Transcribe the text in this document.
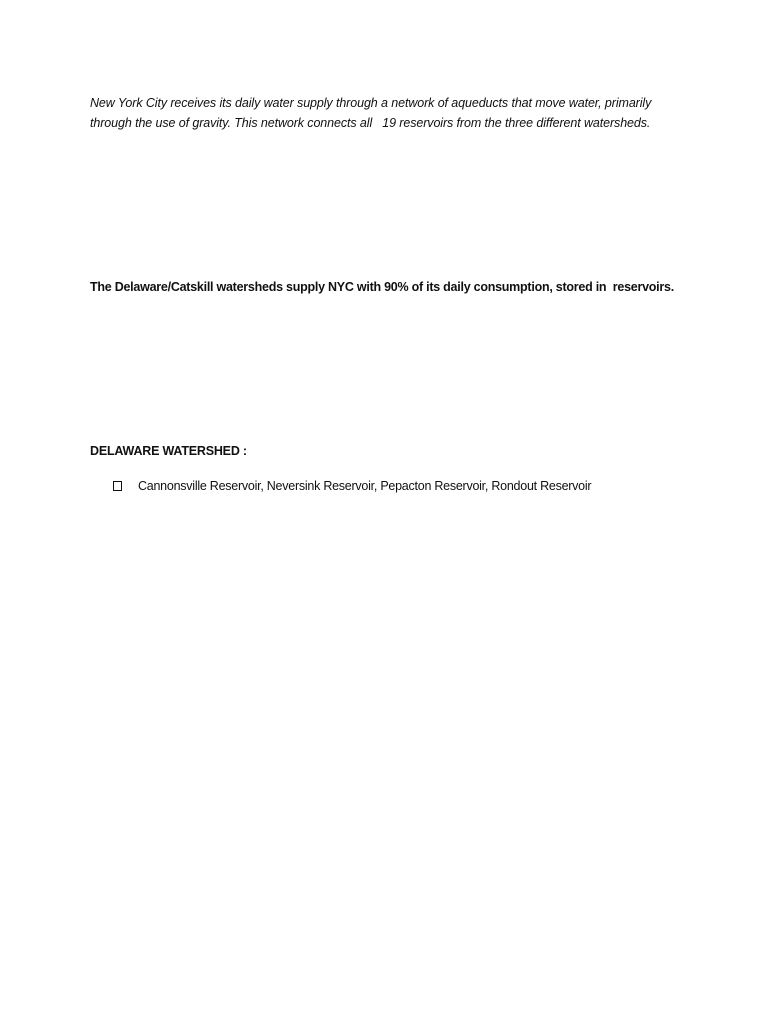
New York City receives its daily water supply through a network of aqueducts that move water, primarily
through the use of gravity. This network connects all   19 reservoirs from the three different watersheds.

The Delaware/Catskill watersheds supply NYC with 90% of its daily consumption, stored in  reservoirs.

DELAWARE WATERSHED :

Cannonsville Reservoir, Neversink Reservoir, Pepacton Reservoir, Rondout Reservoir
